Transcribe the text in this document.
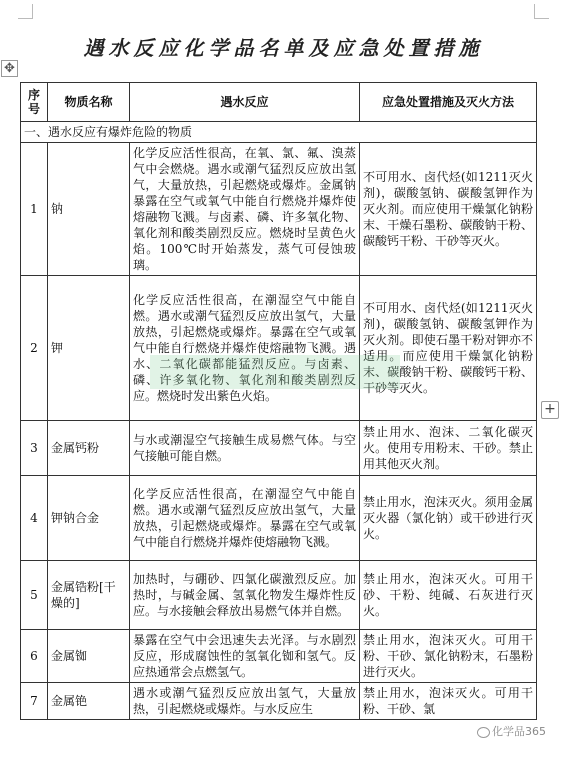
遇水反应化学品名单及应急处置措施
✥
序号	物质名称	遇水反应	应急处置措施及灭火方法
一、遇水反应有爆炸危险的物质			
1	钠	化学反应活性很高，在氧、氯、氟、溴蒸气中会燃烧。遇水或潮气猛烈反应放出氢气，大量放热，引起燃烧或爆炸。金属钠暴露在空气或氧气中能自行燃烧并爆炸使熔融物飞溅。与卤素、磷、许多氧化物、氧化剂和酸类剧烈反应。燃烧时呈黄色火焰。100℃时开始蒸发，蒸气可侵蚀玻璃。	不可用水、卤代烃(如1211灭火剂)，碳酸氢钠、碳酸氢钾作为灭火剂。而应使用干燥氯化钠粉末、干燥石墨粉、碳酸钠干粉、碳酸钙干粉、干砂等灭火。
2	钾	化学反应活性很高，在潮湿空气中能自燃。遇水或潮气猛烈反应放出氢气，大量放热，引起燃烧或爆炸。暴露在空气或氧气中能自行燃烧并爆炸使熔融物飞溅。遇水、二氧化碳都能猛烈反应。与卤素、磷、许多氧化物、氧化剂和酸类剧烈反应。燃烧时发出紫色火焰。	不可用水、卤代烃(如1211灭火剂)，碳酸氢钠、碳酸氢钾作为灭火剂。即使石墨干粉对钾亦不适用。而应使用干燥氯化钠粉末、碳酸钠干粉、碳酸钙干粉、干砂等灭火。
3	金属钙粉	与水或潮湿空气接触生成易燃气体。与空气接触可能自燃。	禁止用水、泡沫、二氧化碳灭火。使用专用粉末、干砂。禁止用其他灭火剂。
4	钾钠合金	化学反应活性很高，在潮湿空气中能自燃。遇水或潮气猛烈反应放出氢气，大量放热，引起燃烧或爆炸。暴露在空气或氧气中能自行燃烧并爆炸使熔融物飞溅。	禁止用水，泡沫灭火。须用金属灭火器（氯化钠）或干砂进行灭火。
5	金属锆粉[干燥的]	加热时，与硼砂、四氯化碳激烈反应。加热时，与碱金属、氢氧化物发生爆炸性反应。与水接触会释放出易燃气体并自燃。	禁止用水，泡沫灭火。可用干砂、干粉、纯碱、石灰进行灭火。
6	金属铷	暴露在空气中会迅速失去光泽。与水剧烈反应，形成腐蚀性的氢氧化铷和氢气。反应热通常会点燃氢气。	禁止用水，泡沫灭火。可用干粉、干砂、氯化钠粉末，石墨粉进行灭火。
7	金属铯	遇水或潮气猛烈反应放出氢气，大量放热，引起燃烧或爆炸。与水反应生	禁止用水，泡沫灭火。可用干粉、干砂、氯
+
化学品365
